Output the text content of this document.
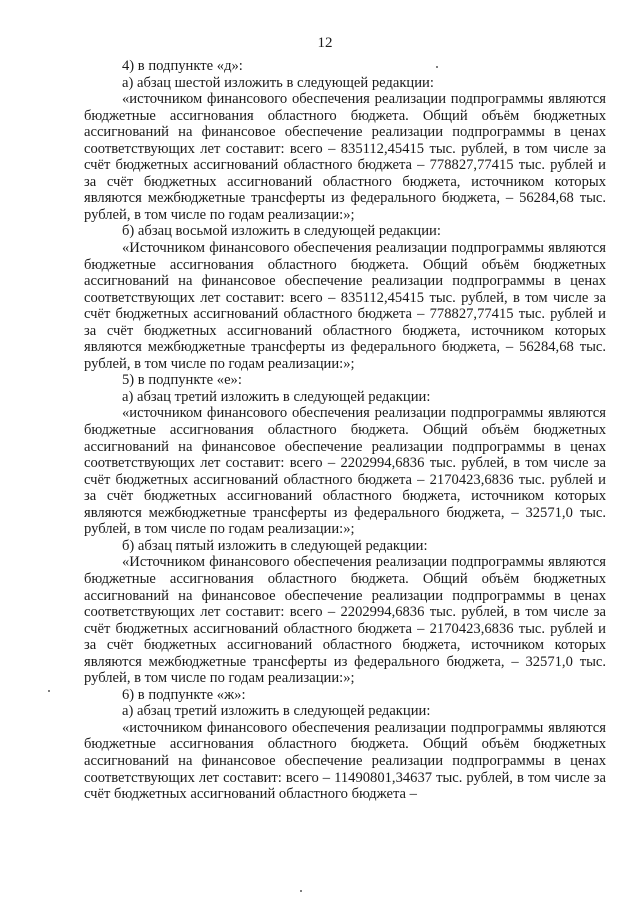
12

4) в подпункте «д»:

а) абзац шестой изложить в следующей редакции:

«источником финансового обеспечения реализации подпрограммы являются бюджетные ассигнования областного бюджета. Общий объём бюджетных ассигнований на финансовое обеспечение реализации подпрограммы в ценах соответствующих лет составит: всего – 835112,45415 тыс. рублей, в том числе за счёт бюджетных ассигнований областного бюджета – 778827,77415 тыс. рублей и за счёт бюджетных ассигнований областного бюджета, источником которых являются межбюджетные трансферты из федерального бюджета, – 56284,68 тыс. рублей, в том числе по годам реализации:»;

б) абзац восьмой изложить в следующей редакции:

«Источником финансового обеспечения реализации подпрограммы являются бюджетные ассигнования областного бюджета. Общий объём бюджетных ассигнований на финансовое обеспечение реализации подпрограммы в ценах соответствующих лет составит: всего – 835112,45415 тыс. рублей, в том числе за счёт бюджетных ассигнований областного бюджета – 778827,77415 тыс. рублей и за счёт бюджетных ассигнований областного бюджета, источником которых являются межбюджетные трансферты из федерального бюджета, – 56284,68 тыс. рублей, в том числе по годам реализации:»;

5) в подпункте «е»:

а) абзац третий изложить в следующей редакции:

«источником финансового обеспечения реализации подпрограммы являются бюджетные ассигнования областного бюджета. Общий объём бюджетных ассигнований на финансовое обеспечение реализации подпрограммы в ценах соответствующих лет составит: всего – 2202994,6836 тыс. рублей, в том числе за счёт бюджетных ассигнований областного бюджета – 2170423,6836 тыс. рублей и за счёт бюджетных ассигнований областного бюджета, источником которых являются межбюджетные трансферты из федерального бюджета, – 32571,0 тыс. рублей, в том числе по годам реализации:»;

б) абзац пятый изложить в следующей редакции:

«Источником финансового обеспечения реализации подпрограммы являются бюджетные ассигнования областного бюджета. Общий объём бюджетных ассигнований на финансовое обеспечение реализации подпрограммы в ценах соответствующих лет составит: всего – 2202994,6836 тыс. рублей, в том числе за счёт бюджетных ассигнований областного бюджета – 2170423,6836 тыс. рублей и за счёт бюджетных ассигнований областного бюджета, источником которых являются межбюджетные трансферты из федерального бюджета, – 32571,0 тыс. рублей, в том числе по годам реализации:»;

6) в подпункте «ж»:

а) абзац третий изложить в следующей редакции:

«источником финансового обеспечения реализации подпрограммы являются бюджетные ассигнования областного бюджета. Общий объём бюджетных ассигнований на финансовое обеспечение реализации подпрограммы в ценах соответствующих лет составит: всего – 11490801,34637 тыс. рублей, в том числе за счёт бюджетных ассигнований областного бюджета –
